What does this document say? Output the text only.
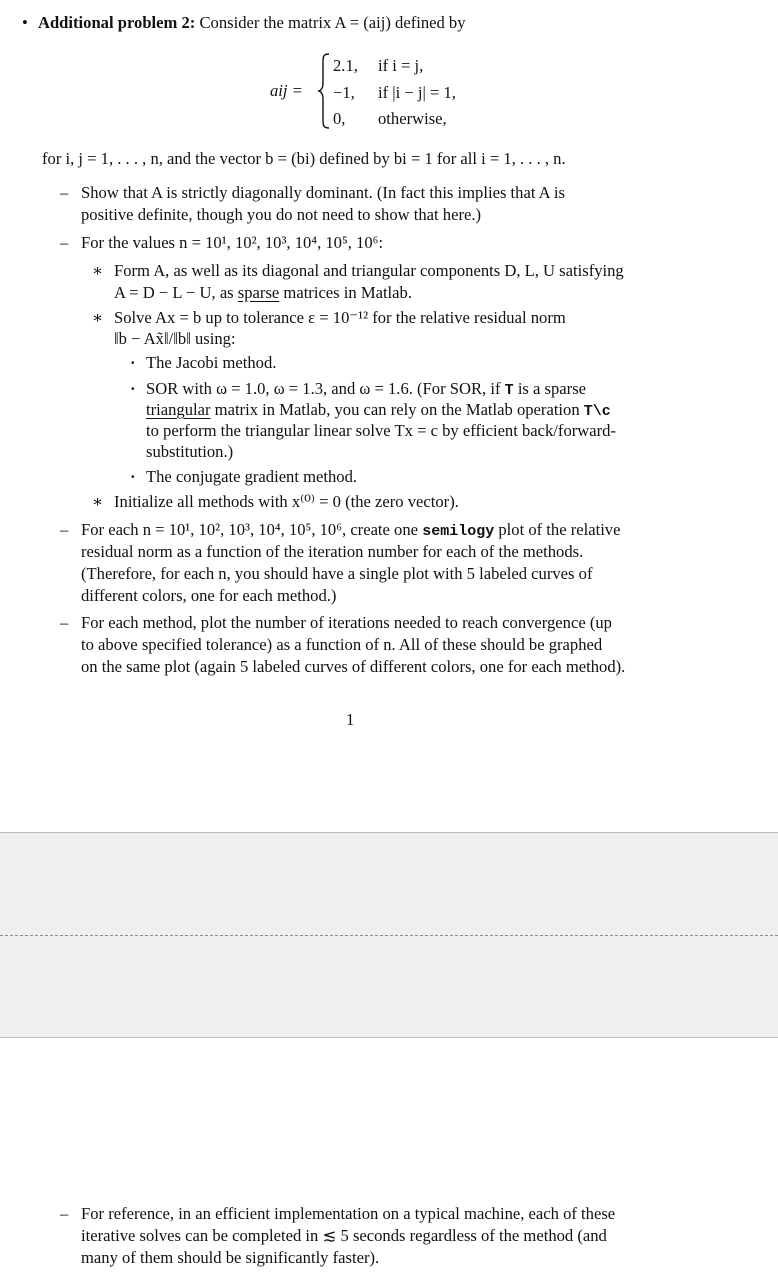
• Additional problem 2: Consider the matrix A = (aij) defined by
aij =
2.1, if i = j,
−1, if |i − j| = 1,
0, otherwise,
for i, j = 1, . . . , n, and the vector b = (bi) defined by bi = 1 for all i = 1, . . . , n.
– Show that A is strictly diagonally dominant. (In fact this implies that A is
positive definite, though you do not need to show that here.)
– For the values n = 10¹, 10², 10³, 10⁴, 10⁵, 10⁶:
∗ Form A, as well as its diagonal and triangular components D, L, U satisfying
A = D − L − U, as sparse matrices in Matlab.
∗ Solve Ax = b up to tolerance ε = 10⁻¹² for the relative residual norm
‖b − Ax̃‖/‖b‖ using:
· The Jacobi method.
· SOR with ω = 1.0, ω = 1.3, and ω = 1.6. (For SOR, if T is a sparse
triangular matrix in Matlab, you can rely on the Matlab operation T\c
to perform the triangular linear solve Tx = c by efficient back/forward-
substitution.)
· The conjugate gradient method.
∗ Initialize all methods with x⁽⁰⁾ = 0 (the zero vector).
– For each n = 10¹, 10², 10³, 10⁴, 10⁵, 10⁶, create one semilogy plot of the relative
residual norm as a function of the iteration number for each of the methods.
(Therefore, for each n, you should have a single plot with 5 labeled curves of
different colors, one for each method.)
– For each method, plot the number of iterations needed to reach convergence (up
to above specified tolerance) as a function of n. All of these should be graphed
on the same plot (again 5 labeled curves of different colors, one for each method).
1
– For reference, in an efficient implementation on a typical machine, each of these
iterative solves can be completed in ≲ 5 seconds regardless of the method (and
many of them should be significantly faster).
